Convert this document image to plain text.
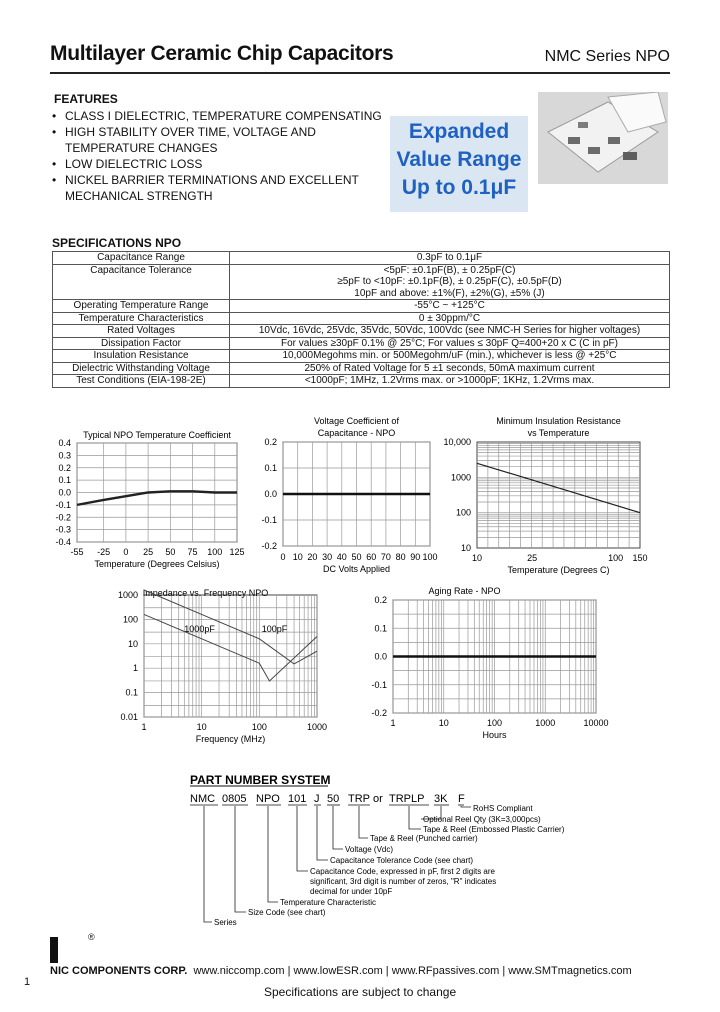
Multilayer Ceramic Chip Capacitors	NMC Series NPO
FEATURES
• CLASS I DIELECTRIC, TEMPERATURE COMPENSATING
• HIGH STABILITY OVER TIME, VOLTAGE AND TEMPERATURE CHANGES
• LOW DIELECTRIC LOSS
• NICKEL BARRIER TERMINATIONS AND EXCELLENT MECHANICAL STRENGTH
Expanded
Value Range
Up to 0.1μF
SPECIFICATIONS NPO
Capacitance Range	0.3pF to 0.1μF
Capacitance Tolerance	<5pF: ±0.1pF(B), ± 0.25pF(C)
≥5pF to <10pF: ±0.1pF(B), ± 0.25pF(C), ±0.5pF(D)
10pF and above: ±1%(F), ±2%(G), ±5% (J)

Operating Temperature Range	-55°C ~ +125°C
Temperature Characteristics	0 ± 30ppm/°C
Rated Voltages	10Vdc, 16Vdc, 25Vdc, 35Vdc, 50Vdc, 100Vdc (see NMC-H Series for higher voltages)
Dissipation Factor	For values ≥30pF 0.1% @ 25°C; For values ≤ 30pF Q=400+20 x C (C in pF)
Insulation Resistance	10,000Megohms min. or 500Megohm/uF (min.), whichever is less @ +25°C
Dielectric Withstanding Voltage	250% of Rated Voltage for 5 ±1 seconds, 50mA maximum current
Test Conditions (EIA-198-2E)	<1000pF; 1MHz, 1.2Vrms max. or >1000pF; 1KHz, 1.2Vrms max.
Typical NPO Temperature Coefficient
0.4
0.3
0.2
0.1
0.0
-0.1
-0.2
-0.3
-0.4
-55 -25 0 25 50 75 100 125
Temperature (Degrees Celsius)
Voltage Coefficient of
Capacitance - NPO
0.2
0.1
0.0
-0.1
-0.2
0 10 20 30 40 50 60 70 80 90 100
DC Volts Applied
Minimum Insulation Resistance
vs Temperature
10,000
1000
100
10
10	25	100 150
Temperature (Degrees C)
Impedance vs. Frequency NPO
1000
100
10
1
0.1
0.01
1	10	100	1000
Frequency (MHz)
1000pF	100pF
Aging Rate - NPO
0.2
0.1
0.0
-0.1
-0.2
1	10	100	1000	10000
Hours
PART NUMBER SYSTEM
NMC 0805 NPO 101 J 50 TRP or TRPLP 3K F
RoHS Compliant
Optional Reel Qty (3K=3,000pcs)
Tape & Reel (Embossed Plastic Carrier)
Tape & Reel (Punched carrier)
Voltage (Vdc)
Capacitance Tolerance Code (see chart)
Capacitance Code, expressed in pF, first 2 digits are
significant, 3rd digit is number of zeros, "R" indicates
decimal for under 10pF
Temperature Characteristic
Size Code (see chart)
Series
®
NIC COMPONENTS CORP. www.niccomp.com | www.lowESR.com | www.RFpassives.com | www.SMTmagnetics.com
1
Specifications are subject to change
